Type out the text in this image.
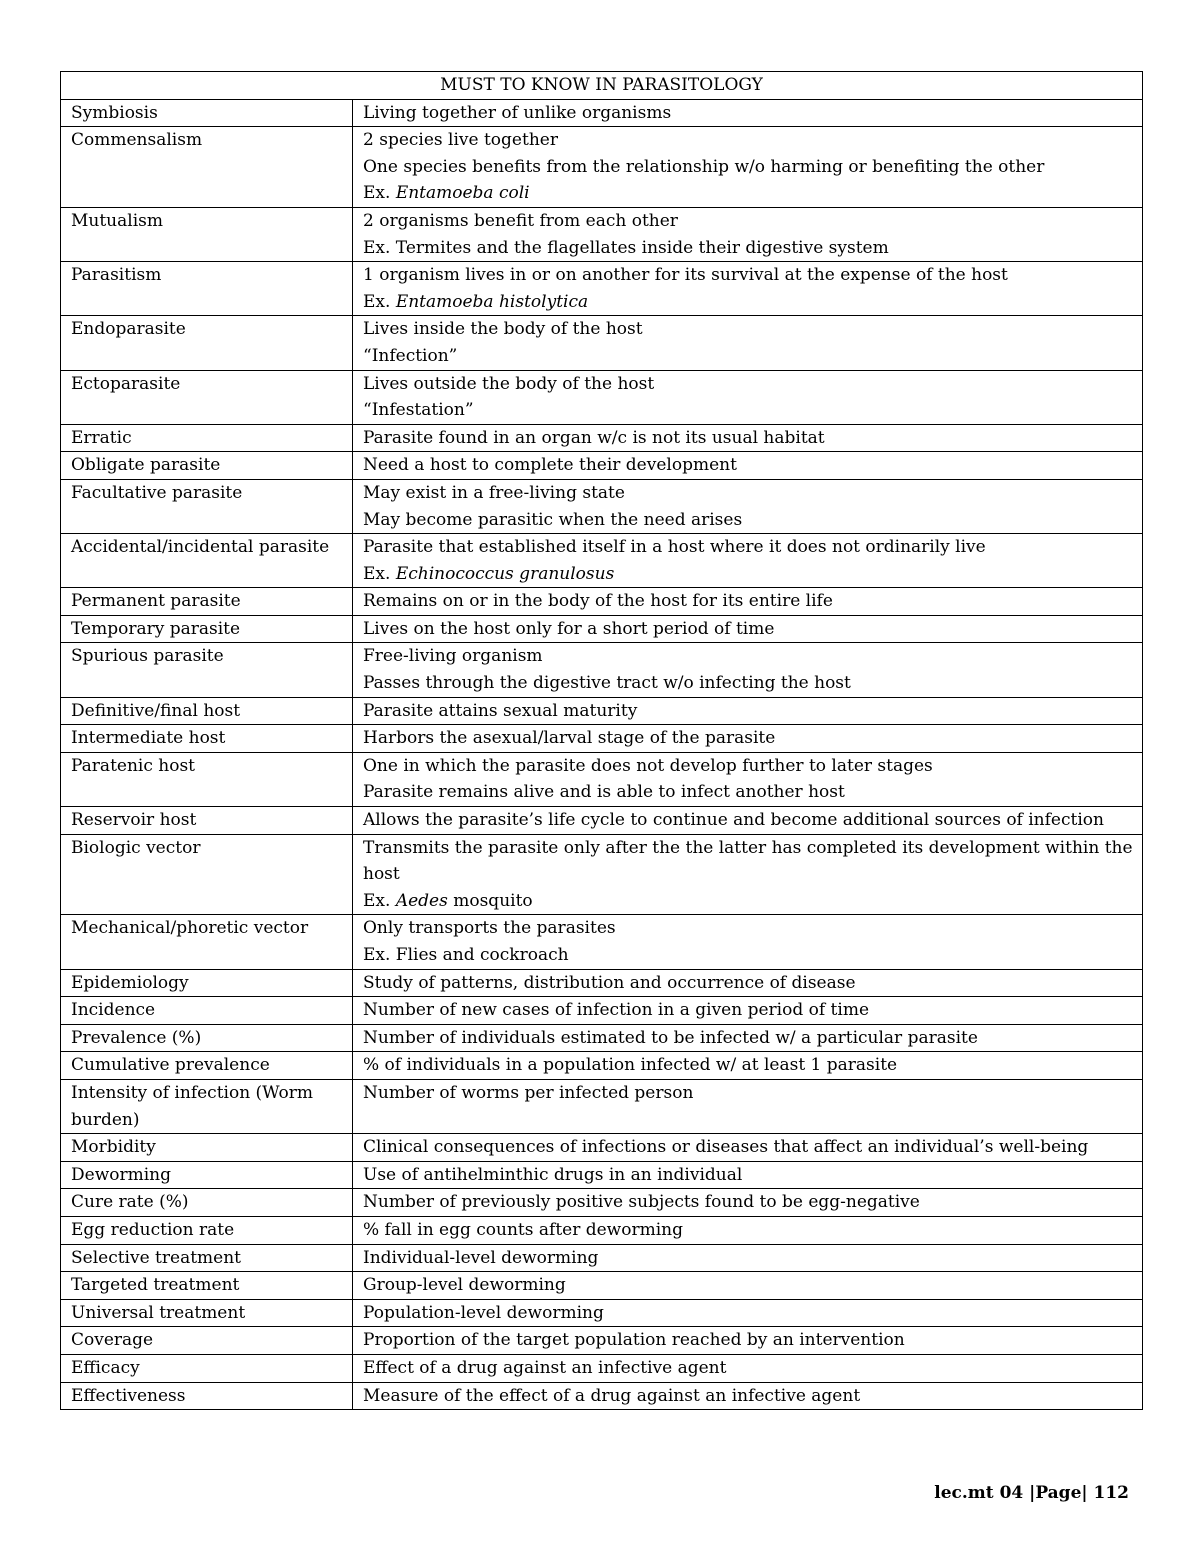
MUST TO KNOW IN PARASITOLOGY	
Symbiosis	Living together of unlike organisms

Commensalism	2 species live together
One species benefits from the relationship w/o harming or benefiting the other
Ex. Entamoeba coli

Mutualism	2 organisms benefit from each other
Ex. Termites and the flagellates inside their digestive system

Parasitism	1 organism lives in or on another for its survival at the expense of the host
Ex. Entamoeba histolytica

Endoparasite	Lives inside the body of the host
“Infection”

Ectoparasite	Lives outside the body of the host
“Infestation”

Erratic	Parasite found in an organ w/c is not its usual habitat

Obligate parasite	Need a host to complete their development

Facultative parasite	May exist in a free-living state
May become parasitic when the need arises

Accidental/incidental parasite	Parasite that established itself in a host where it does not ordinarily live
Ex. Echinococcus granulosus

Permanent parasite	Remains on or in the body of the host for its entire life

Temporary parasite	Lives on the host only for a short period of time

Spurious parasite	Free-living organism
Passes through the digestive tract w/o infecting the host

Definitive/final host	Parasite attains sexual maturity

Intermediate host	Harbors the asexual/larval stage of the parasite

Paratenic host	One in which the parasite does not develop further to later stages
Parasite remains alive and is able to infect another host

Reservoir host	Allows the parasite’s life cycle to continue and become additional sources of infection

Biologic vector	Transmits the parasite only after the the latter has completed its development within the host
Ex. Aedes mosquito

Mechanical/phoretic vector	Only transports the parasites
Ex. Flies and cockroach

Epidemiology	Study of patterns, distribution and occurrence of disease

Incidence	Number of new cases of infection in a given period of time

Prevalence (%)	Number of individuals estimated to be infected w/ a particular parasite

Cumulative prevalence	% of individuals in a population infected w/ at least 1 parasite

Intensity of infection (Worm burden)	Number of worms per infected person

Morbidity	Clinical consequences of infections or diseases that affect an individual’s well-being

Deworming	Use of antihelminthic drugs in an individual

Cure rate (%)	Number of previously positive subjects found to be egg-negative

Egg reduction rate	% fall in egg counts after deworming

Selective treatment	Individual-level deworming

Targeted treatment	Group-level deworming

Universal treatment	Population-level deworming

Coverage	Proportion of the target population reached by an intervention

Efficacy	Effect of a drug against an infective agent

Effectiveness	Measure of the effect of a drug against an infective agent
lec.mt 04 |Page| 112
